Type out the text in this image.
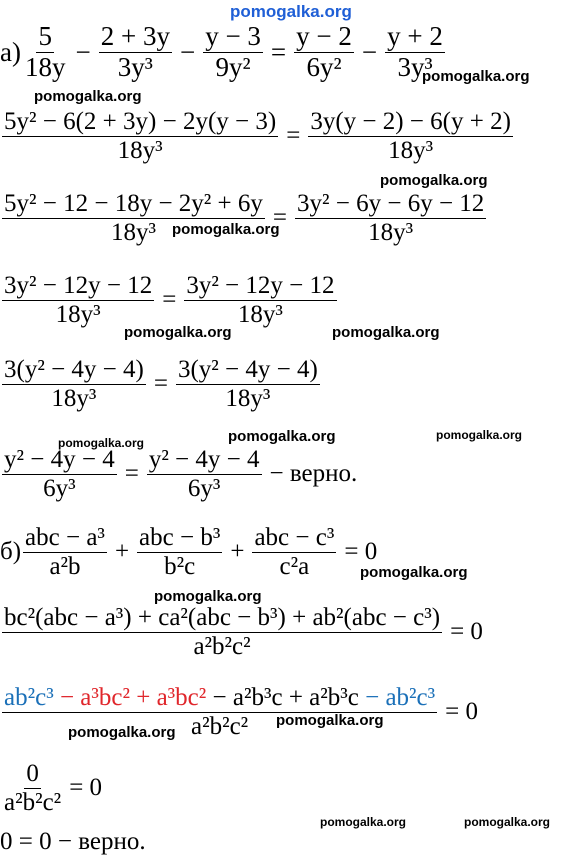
pomogalka.org
pomogalka.org
pomogalka.org
pomogalka.org
pomogalka.org
pomogalka.org	pomogalka.org
pomogalka.org	pomogalka.org	pomogalka.org
pomogalka.org
pomogalka.org
pomogalka.org
pomogalka.org
pomogalka.org	pomogalka.org
$а) \frac{5}{18y} - \frac{2 + 3y}{\text{3y³}} - \frac{y - 3}{\text{9y²}} = \frac{y - 2}{\text{6y²}} - \frac{y + 2}{\text{3y³}}$
$\frac{\text{5y² − 6(2 + 3y) − 2y(y − 3)}}{\text{18y³}} = \frac{3y(y - 2) - 6(y + 2)}{\text{18y³}}$
$\frac{\text{5y² − 12 − 18y − 2y² + 6y}}{\text{18y³}} = \frac{\text{3y² − 6y − 6y − 12}}{\text{18y³}}$
$\frac{\text{3y² − 12y − 12}}{\text{18y³}} = \frac{\text{3y² − 12y − 12}}{\text{18y³}}$
$\frac{\text{3(y² − 4y − 4)}}{\text{18y³}} = \frac{\text{3(y² − 4y − 4)}}{\text{18y³}}$
$\frac{\text{y² − 4y − 4}}{\text{6y³}} = \frac{\text{y² − 4y − 4}}{\text{6y³}}$ − верно.
$б) \frac{\text{abc − a³}}{\text{a²b}} + \frac{\text{abc − b³}}{\text{b²c}} + \frac{\text{abc − c³}}{\text{c²a}} = 0$
$\frac{\text{bc²(abc − a³) + ca²(abc − b³) + ab²(abc − c³)}}{\text{a²b²c²}} = 0$
$\frac{\text{ab²c³ − a³bc² + a³bc² − a²b³c + a²b³c − ab²c³}}{\text{a²b²c²}} = 0$
$\frac{0}{\text{a²b²c²}} = 0$
0 = 0 − верно.
